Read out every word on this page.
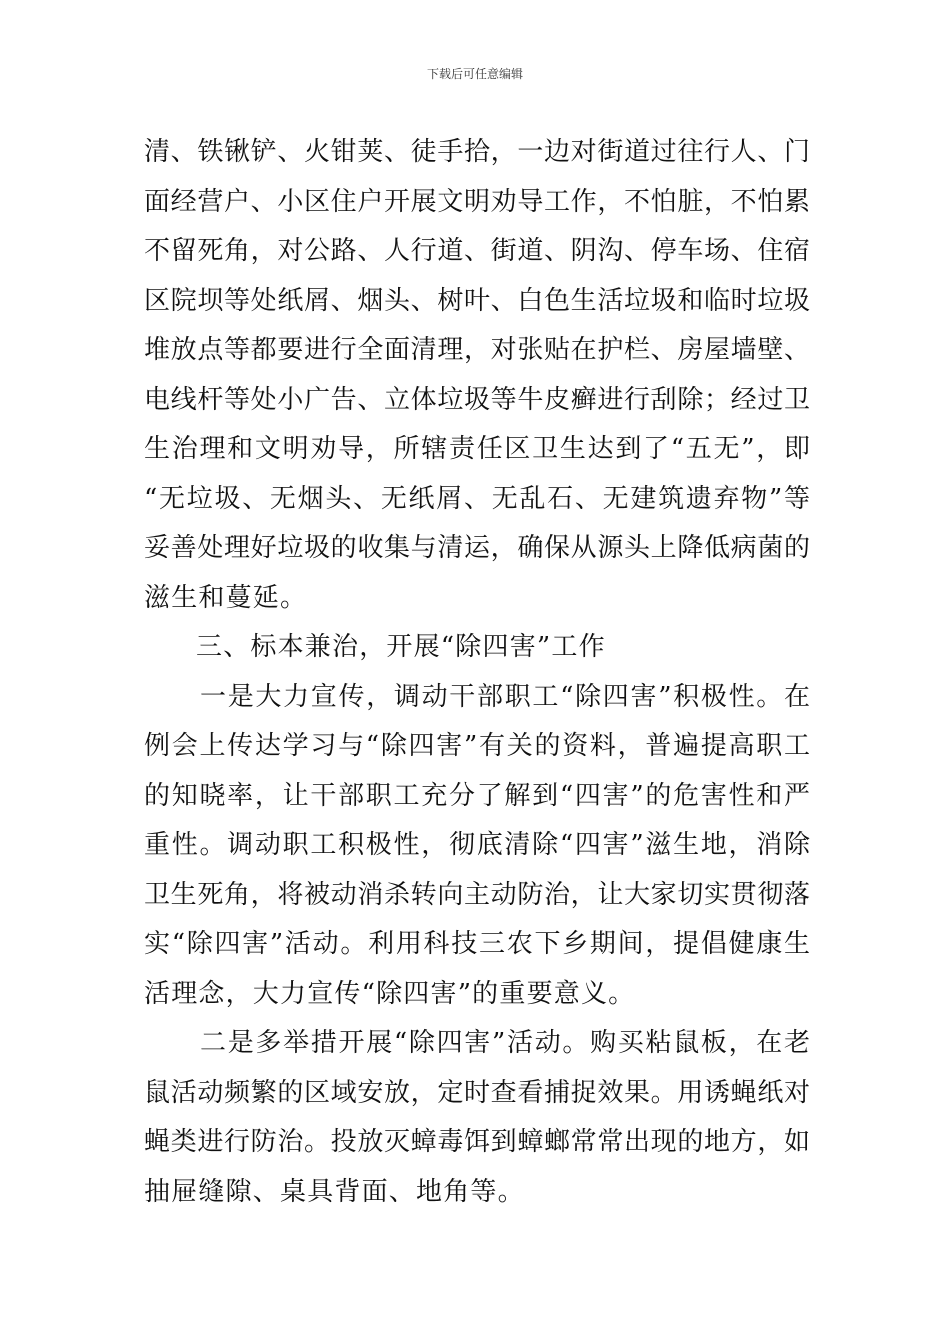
下载后可任意编辑
清、铁锹铲、火钳荚、徒手拾，一边对街道过往行人、门
面经营户、小区住户开展文明劝导工作，不怕脏，不怕累
不留死角，对公路、人行道、街道、阴沟、停车场、住宿
区院坝等处纸屑、烟头、树叶、白色生活垃圾和临时垃圾
堆放点等都要进行全面清理，对张贴在护栏、房屋墙壁、
电线杆等处小广告、立体垃圾等牛皮癣进行刮除；经过卫
生治理和文明劝导，所辖责任区卫生达到了“五无”，即
“无垃圾、无烟头、无纸屑、无乱石、无建筑遗弃物”等
妥善处理好垃圾的收集与清运，确保从源头上降低病菌的
滋生和蔓延。
三、标本兼治，开展“除四害”工作
一是大力宣传，调动干部职工“除四害”积极性。在
例会上传达学习与“除四害”有关的资料，普遍提高职工
的知晓率，让干部职工充分了解到“四害”的危害性和严
重性。调动职工积极性，彻底清除“四害”滋生地，消除
卫生死角，将被动消杀转向主动防治，让大家切实贯彻落
实“除四害”活动。利用科技三农下乡期间，提倡健康生
活理念，大力宣传“除四害”的重要意义。
二是多举措开展“除四害”活动。购买粘鼠板，在老
鼠活动频繁的区域安放，定时查看捕捉效果。用诱蝇纸对
蝇类进行防治。投放灭蟑毒饵到蟑螂常常出现的地方，如
抽屉缝隙、桌具背面、地角等。
